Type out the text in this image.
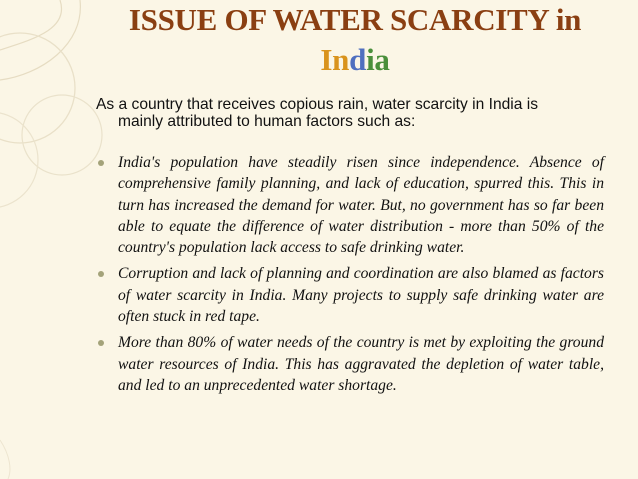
ISSUE OF WATER SCARCITY in
India
As a country that receives copious rain, water scarcity in India is
mainly attributed to human factors such as:
India's population have steadily risen since independence. Absence of comprehensive family planning, and lack of education, spurred this. This in turn has increased the demand for water. But, no government has so far been able to equate the difference of water distribution - more than 50% of the country's population lack access to safe drinking water.
Corruption and lack of planning and coordination are also blamed as factors of water scarcity in India. Many projects to supply safe drinking water are often stuck in red tape.
More than 80% of water needs of the country is met by exploiting the ground water resources of India. This has aggravated the depletion of water table, and led to an unprecedented water shortage.
